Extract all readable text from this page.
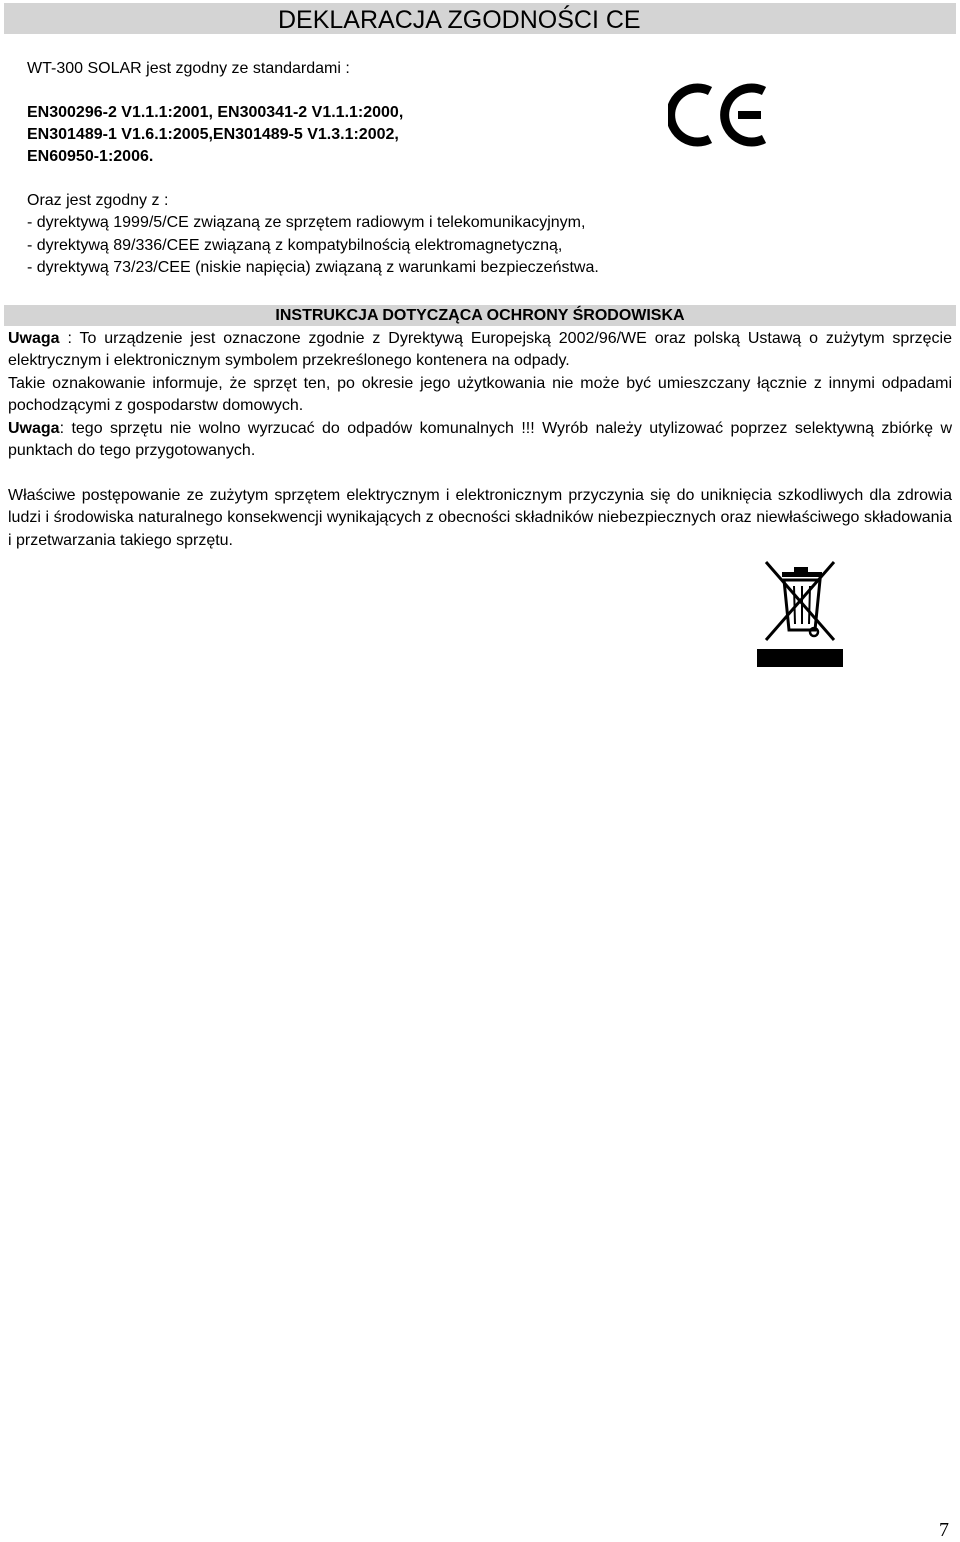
DEKLARACJA ZGODNOŚCI CE
WT-300 SOLAR jest zgodny ze standardami :
EN300296-2 V1.1.1:2001, EN300341-2 V1.1.1:2000,
EN301489-1 V1.6.1:2005,EN301489-5 V1.3.1:2002,
EN60950-1:2006.
Oraz jest zgodny z :
- dyrektywą 1999/5/CE związaną ze sprzętem radiowym i telekomunikacyjnym,
- dyrektywą 89/336/CEE związaną z kompatybilnością elektromagnetyczną,
- dyrektywą 73/23/CEE (niskie napięcia) związaną z warunkami bezpieczeństwa.
INSTRUKCJA DOTYCZĄCA OCHRONY ŚRODOWISKA
Uwaga : To urządzenie jest oznaczone zgodnie z Dyrektywą Europejską 2002/96/WE oraz polską Ustawą o zużytym sprzęcie elektrycznym i elektronicznym symbolem przekreślonego kontenera na odpady.
Takie oznakowanie informuje, że sprzęt ten, po okresie jego użytkowania nie może być umieszczany łącznie z innymi odpadami pochodzącymi z gospodarstw domowych.
Uwaga: tego sprzętu nie wolno wyrzucać do odpadów komunalnych !!! Wyrób należy utylizować poprzez selektywną zbiórkę w punktach do tego przygotowanych.
Właściwe postępowanie ze zużytym sprzętem elektrycznym i elektronicznym przyczynia się do uniknięcia szkodliwych dla zdrowia ludzi i środowiska naturalnego konsekwencji wynikających z obecności składników niebezpiecznych oraz niewłaściwego składowania i przetwarzania takiego sprzętu.
7
